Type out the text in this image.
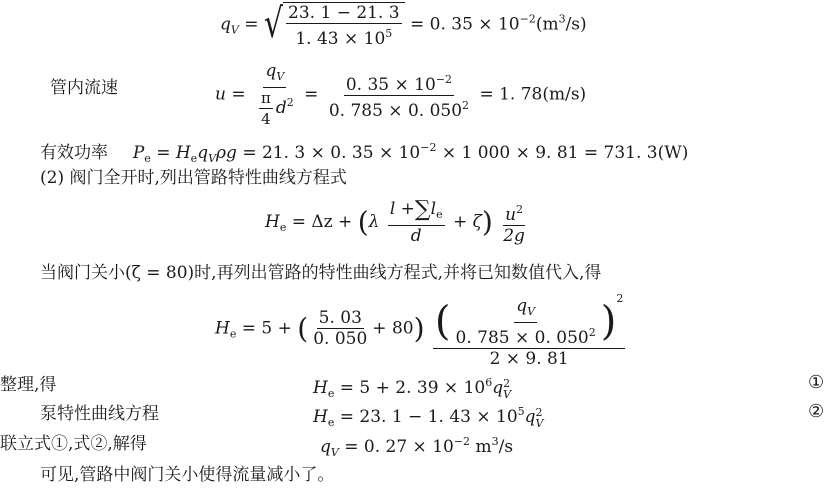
$q_V$ = √ $\frac{23. 1 - 21. 3}{1. 43 \times 10^5} = 0$. $35 \times 10^{-2}(m^3/s)$
管内流速	$u = \frac{q_V}{\frac{\pi}{4} d^2} = \frac{0. 35 \times 10^{-2}}{0. 785 \times 0. 050^2} = 1$. 78(m/s)
有效功率 $P_e = H_eq_V\rho g = 21$. 3 × 0. $35 \times 10^{-2} \times 1$ 000 × 9. 81 = 731. 3(W)
(2) 阀门全开时,列出管路特性曲线方程式
$H_e = \Delta z + (\lambda \frac{l +\sum l_e}{d} + \zeta) \frac{u^2}{2g}$
当阀门关小(ζ = 80)时,再列出管路的特性曲线方程式,并将已知数值代入,得
$H_e = 5$ + ( $\frac{5. 03}{0. 050} + 80) \frac{( \frac{q_V}{0. 785 \times 0. 050^2} )^2}{2 \times 9. 81}$
整理,得	$H_e = 5 + 2$. $39 \times 10^6q$ 2
V
①
泵特性曲线方程	$H_e = 23$. 1 − 1. $43 \times 10^5q$ 2
V
②
联立式①,式②,解得	$q_V = 0$. $27 \times 10^{-2}$ $m^3/s$
可见,管路中阀门关小使得流量减小了。
